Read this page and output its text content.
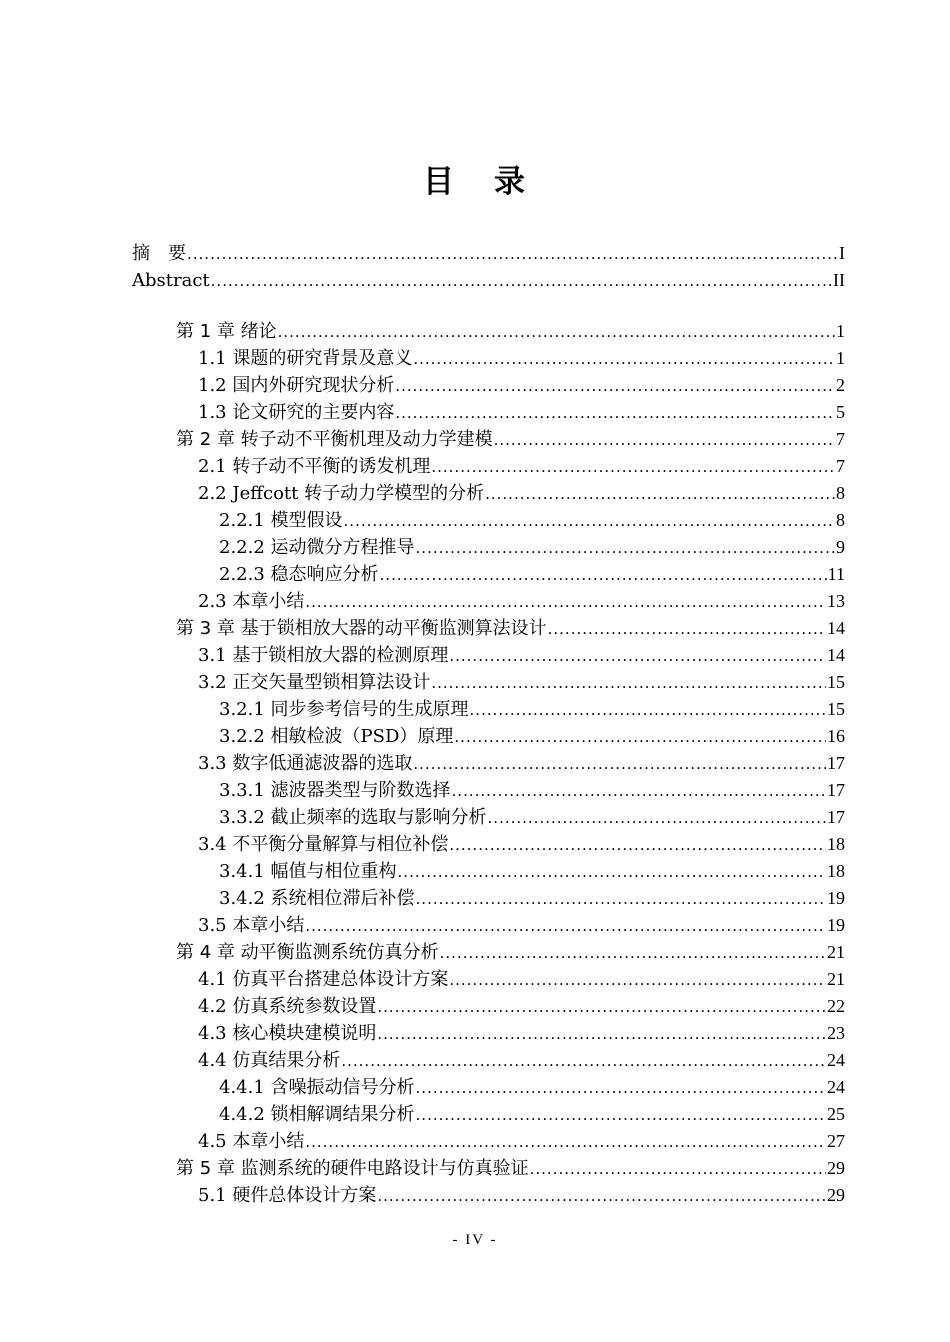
目 录
摘　要 .....	I
Abstract .....	II
第 1 章 绪论 .....	1
1.1 课题的研究背景及意义 .....	1
1.2 国内外研究现状分析 .....	2
1.3 论文研究的主要内容 .....	5
第 2 章 转子动不平衡机理及动力学建模 .....	7
2.1 转子动不平衡的诱发机理 .....	7
2.2 Jeffcott 转子动力学模型的分析 .....	8
2.2.1 模型假设 .....	8
2.2.2 运动微分方程推导 .....	9
2.2.3 稳态响应分析 .....	11
2.3 本章小结 .....	13
第 3 章 基于锁相放大器的动平衡监测算法设计 .....	14
3.1 基于锁相放大器的检测原理 .....	14
3.2 正交矢量型锁相算法设计 .....	15
3.2.1 同步参考信号的生成原理 .....	15
3.2.2 相敏检波（PSD）原理 .....	16
3.3 数字低通滤波器的选取 .....	17
3.3.1 滤波器类型与阶数选择 .....	17
3.3.2 截止频率的选取与影响分析 .....	17
3.4 不平衡分量解算与相位补偿 .....	18
3.4.1 幅值与相位重构 .....	18
3.4.2 系统相位滞后补偿 .....	19
3.5 本章小结 .....	19
第 4 章 动平衡监测系统仿真分析 .....	21
4.1 仿真平台搭建总体设计方案 .....	21
4.2 仿真系统参数设置 .....	22
4.3 核心模块建模说明 .....	23
4.4 仿真结果分析 .....	24
4.4.1 含噪振动信号分析 .....	24
4.4.2 锁相解调结果分析 .....	25
4.5 本章小结 .....	27
第 5 章 监测系统的硬件电路设计与仿真验证 .....	29
5.1 硬件总体设计方案 .....	29
- IV -
